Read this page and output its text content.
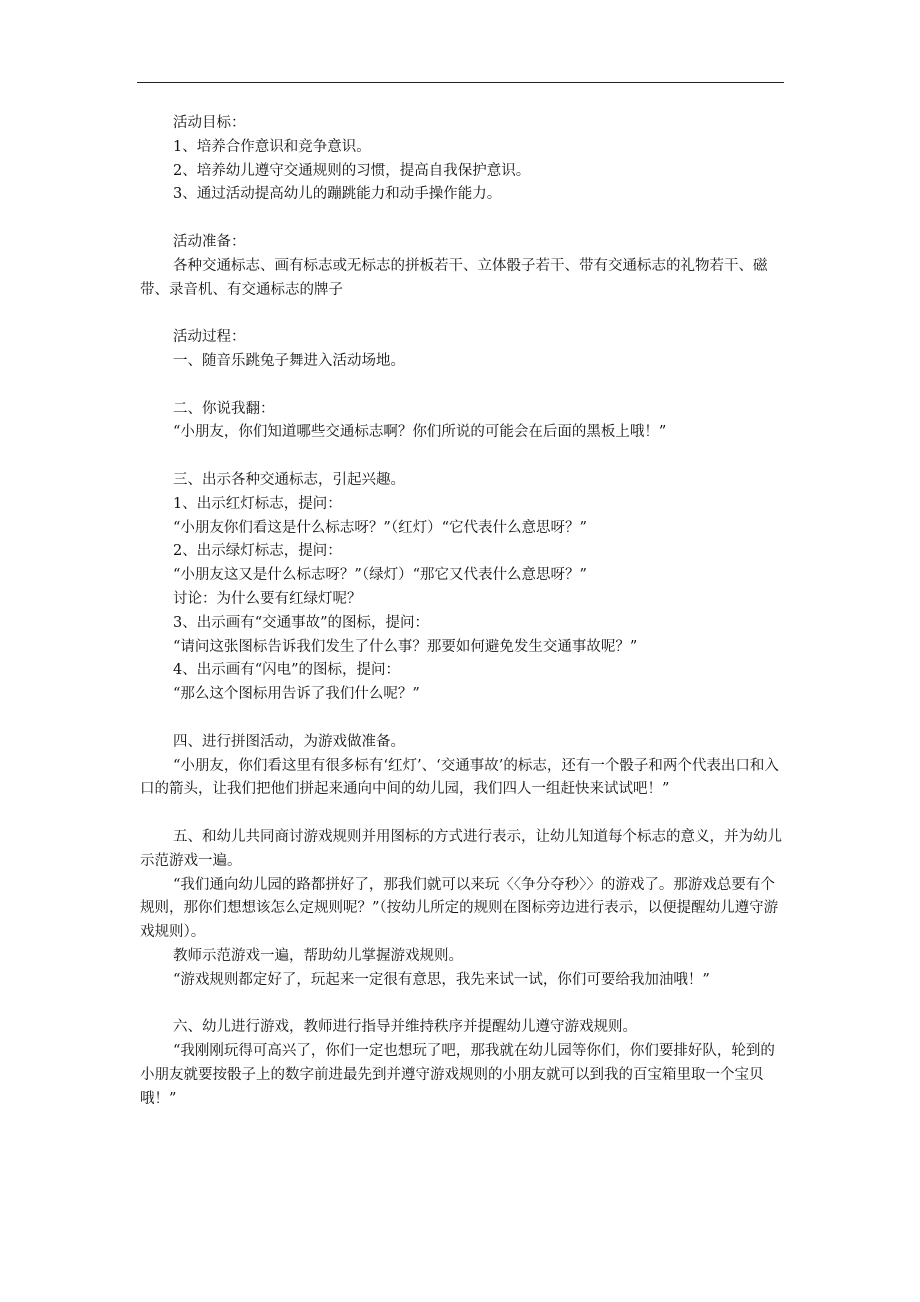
活动目标：

1、培养合作意识和竞争意识。

2、培养幼儿遵守交通规则的习惯，提高自我保护意识。

3、通过活动提高幼儿的蹦跳能力和动手操作能力。

活动准备：

各种交通标志、画有标志或无标志的拼板若干、立体骰子若干、带有交通标志的礼物若干、磁带、录音机、有交通标志的牌子

活动过程：

一、随音乐跳兔子舞进入活动场地。

二、你说我翻：

“小朋友，你们知道哪些交通标志啊？你们所说的可能会在后面的黑板上哦！”

三、出示各种交通标志，引起兴趣。

1、出示红灯标志，提问：

“小朋友你们看这是什么标志呀？”（红灯）“它代表什么意思呀？”

2、出示绿灯标志，提问：

“小朋友这又是什么标志呀？”（绿灯）“那它又代表什么意思呀？”

讨论：为什么要有红绿灯呢？

3、出示画有“交通事故”的图标，提问：

“请问这张图标告诉我们发生了什么事？那要如何避免发生交通事故呢？”

4、出示画有“闪电”的图标，提问：

“那么这个图标用告诉了我们什么呢？”

四、进行拼图活动，为游戏做准备。

“小朋友，你们看这里有很多标有‘红灯’、‘交通事故’的标志，还有一个骰子和两个代表出口和入口的箭头，让我们把他们拼起来通向中间的幼儿园，我们四人一组赶快来试试吧！”

五、和幼儿共同商讨游戏规则并用图标的方式进行表示，让幼儿知道每个标志的意义，并为幼儿示范游戏一遍。

“我们通向幼儿园的路都拼好了，那我们就可以来玩〈〈争分夺秒〉〉的游戏了。那游戏总要有个规则，那你们想想该怎么定规则呢？”（按幼儿所定的规则在图标旁边进行表示，以便提醒幼儿遵守游戏规则）。

教师示范游戏一遍，帮助幼儿掌握游戏规则。

“游戏规则都定好了，玩起来一定很有意思，我先来试一试，你们可要给我加油哦！”

六、幼儿进行游戏，教师进行指导并维持秩序并提醒幼儿遵守游戏规则。

“我刚刚玩得可高兴了，你们一定也想玩了吧，那我就在幼儿园等你们，你们要排好队，轮到的小朋友就要按骰子上的数字前进最先到并遵守游戏规则的小朋友就可以到我的百宝箱里取一个宝贝哦！”
